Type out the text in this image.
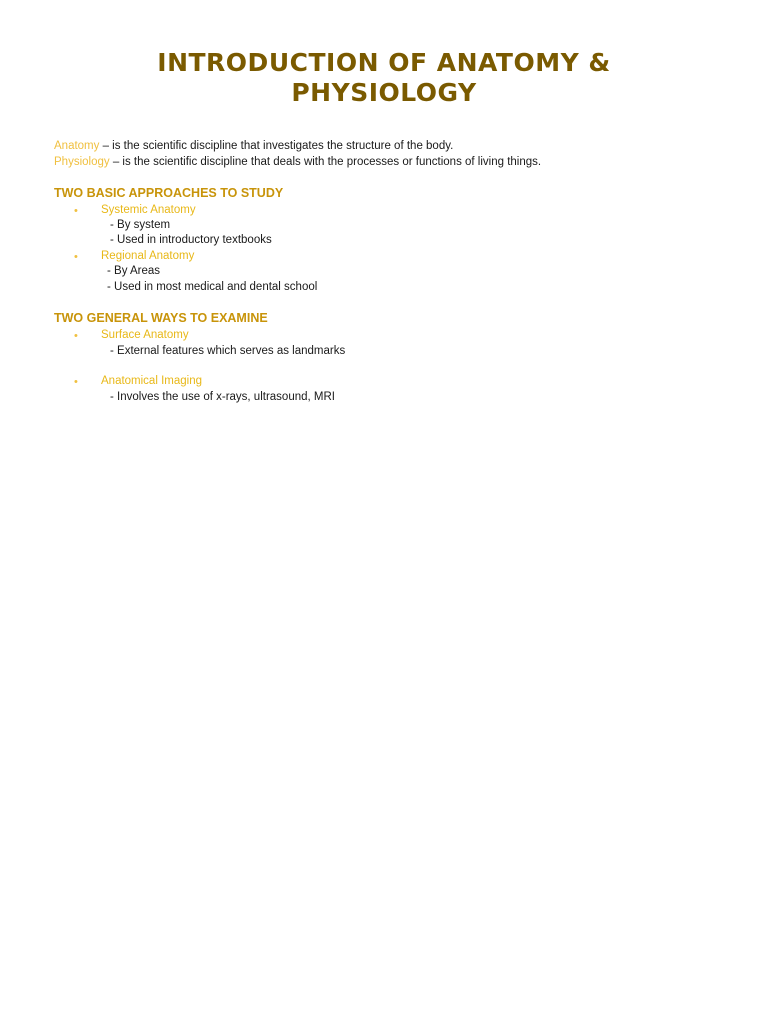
INTRODUCTION OF ANATOMY &
PHYSIOLOGY
Anatomy – is the scientific discipline that investigates the structure of the body.
Physiology – is the scientific discipline that deals with the processes or functions of living things.
TWO BASIC APPROACHES TO STUDY
• Systemic Anatomy
- By system
- Used in introductory textbooks
• Regional Anatomy
- By Areas
- Used in most medical and dental school
TWO GENERAL WAYS TO EXAMINE
• Surface Anatomy
- External features which serves as landmarks
• Anatomical Imaging
- Involves the use of x-rays, ultrasound, MRI
